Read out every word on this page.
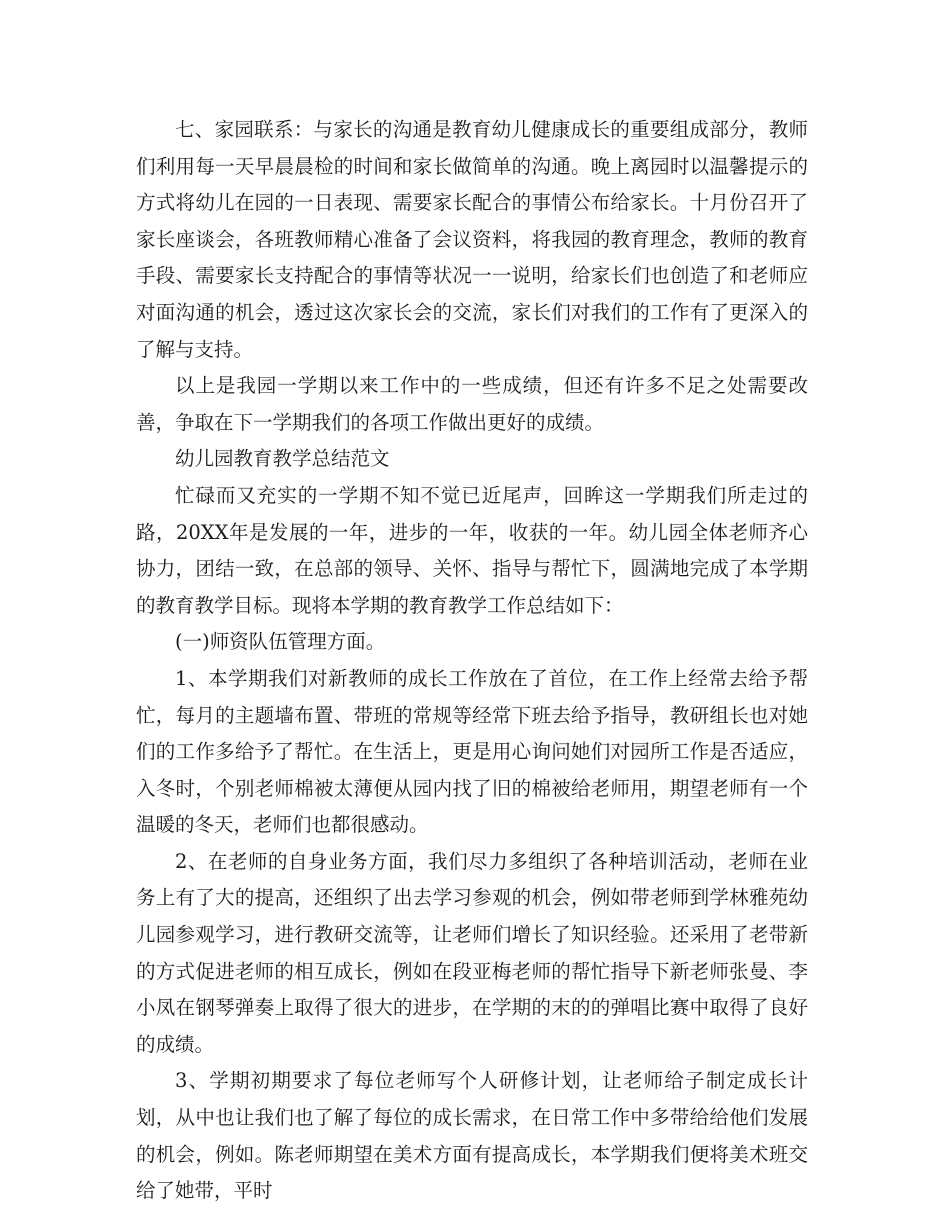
七、家园联系：与家长的沟通是教育幼儿健康成长的重要组成部分，教师们利用每一天早晨晨检的时间和家长做简单的沟通。晚上离园时以温馨提示的方式将幼儿在园的一日表现、需要家长配合的事情公布给家长。十月份召开了家长座谈会，各班教师精心准备了会议资料，将我园的教育理念，教师的教育手段、需要家长支持配合的事情等状况一一说明，给家长们也创造了和老师应对面沟通的机会，透过这次家长会的交流，家长们对我们的工作有了更深入的了解与支持。

以上是我园一学期以来工作中的一些成绩，但还有许多不足之处需要改善，争取在下一学期我们的各项工作做出更好的成绩。

幼儿园教育教学总结范文

忙碌而又充实的一学期不知不觉已近尾声，回眸这一学期我们所走过的路，20XX年是发展的一年，进步的一年，收获的一年。幼儿园全体老师齐心协力，团结一致，在总部的领导、关怀、指导与帮忙下，圆满地完成了本学期的教育教学目标。现将本学期的教育教学工作总结如下：

(一)师资队伍管理方面。

1、本学期我们对新教师的成长工作放在了首位，在工作上经常去给予帮忙，每月的主题墙布置、带班的常规等经常下班去给予指导，教研组长也对她们的工作多给予了帮忙。在生活上，更是用心询问她们对园所工作是否适应，入冬时，个别老师棉被太薄便从园内找了旧的棉被给老师用，期望老师有一个温暖的冬天，老师们也都很感动。

2、在老师的自身业务方面，我们尽力多组织了各种培训活动，老师在业务上有了大的提高，还组织了出去学习参观的机会，例如带老师到学林雅苑幼儿园参观学习，进行教研交流等，让老师们增长了知识经验。还采用了老带新的方式促进老师的相互成长，例如在段亚梅老师的帮忙指导下新老师张曼、李小凤在钢琴弹奏上取得了很大的进步，在学期的末的的弹唱比赛中取得了良好的成绩。

3、学期初期要求了每位老师写个人研修计划，让老师给子制定成长计划，从中也让我们也了解了每位的成长需求，在日常工作中多带给给他们发展的机会，例如。陈老师期望在美术方面有提高成长，本学期我们便将美术班交给了她带，平时
